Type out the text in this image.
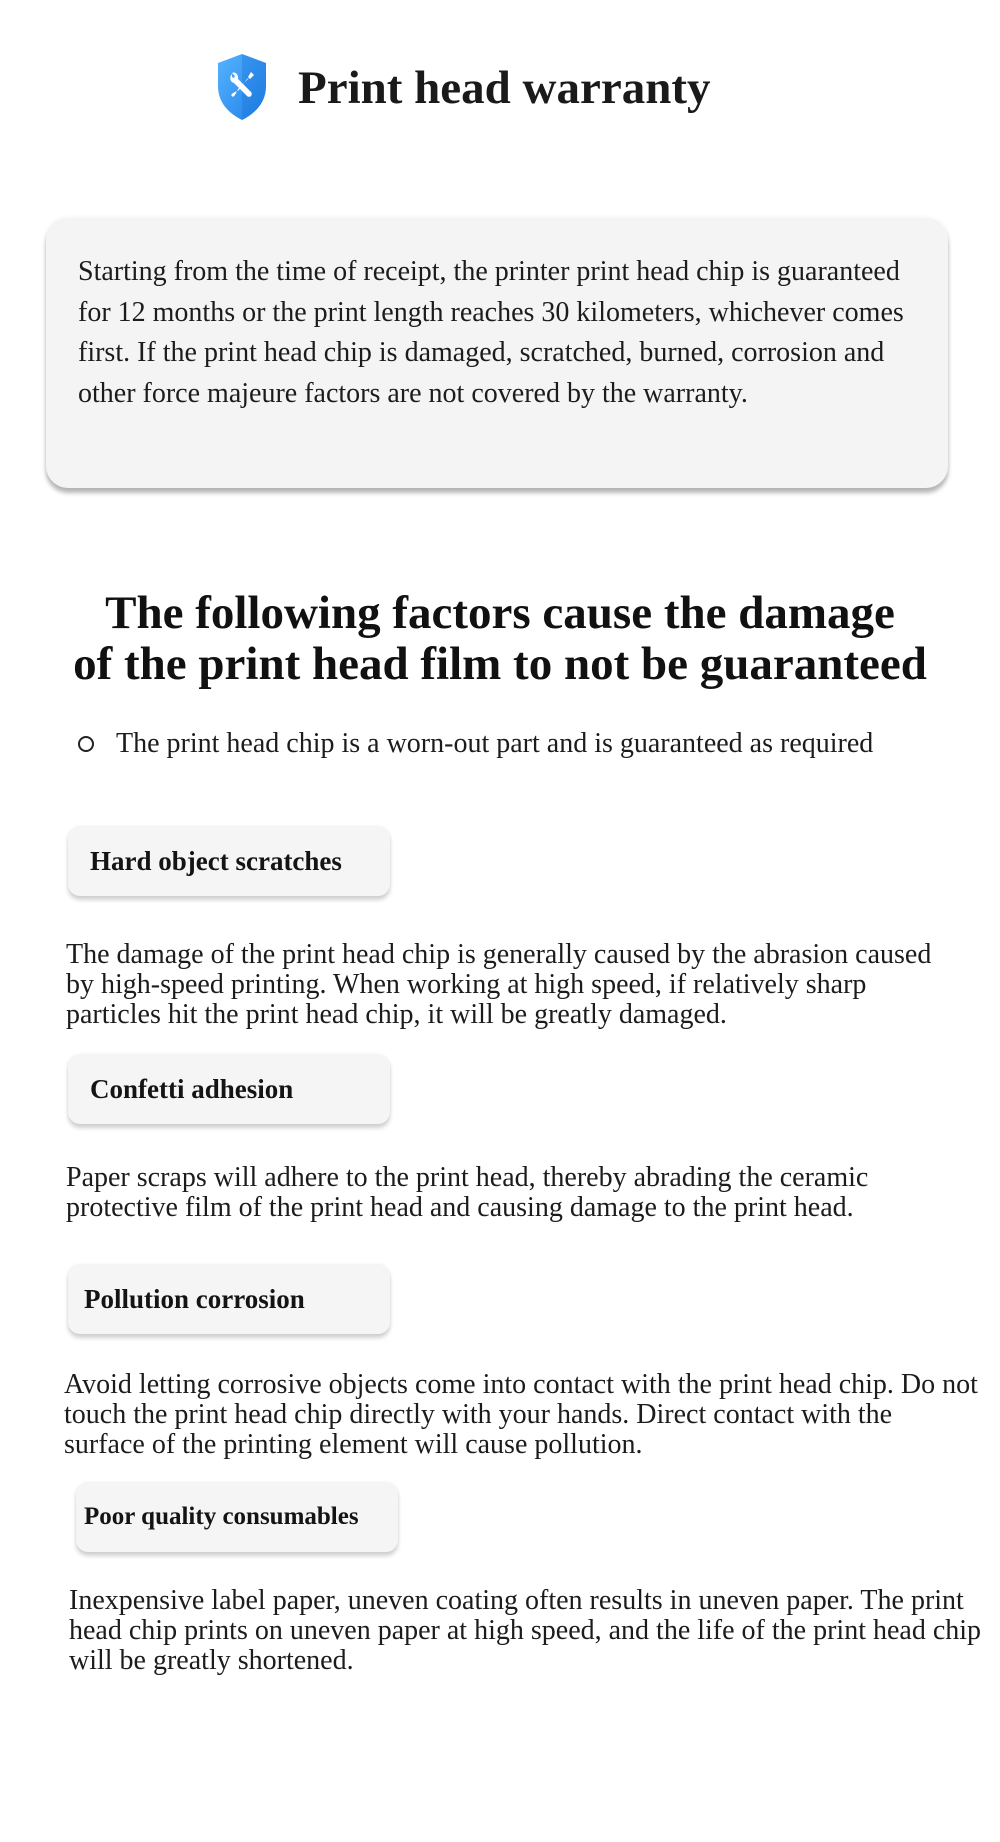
Print head warranty
Starting from the time of receipt, the printer print head chip is guaranteed for 12 months or the print length reaches 30 kilometers, whichever comes first. If the print head chip is damaged, scratched, burned, corrosion and other force majeure factors are not covered by the warranty.
The following factors cause the damage
of the print head film to not be guaranteed
The print head chip is a worn-out part and is guaranteed as required
Hard object scratches
The damage of the print head chip is generally caused by the abrasion caused by high-speed printing. When working at high speed, if relatively sharp particles hit the print head chip, it will be greatly damaged.
Confetti adhesion
Paper scraps will adhere to the print head, thereby abrading the ceramic protective film of the print head and causing damage to the print head.
Pollution corrosion
Avoid letting corrosive objects come into contact with the print head chip. Do not touch the print head chip directly with your hands. Direct contact with the surface of the printing element will cause pollution.
Poor quality consumables
Inexpensive label paper, uneven coating often results in uneven paper. The print head chip prints on uneven paper at high speed, and the life of the print head chip will be greatly shortened.
